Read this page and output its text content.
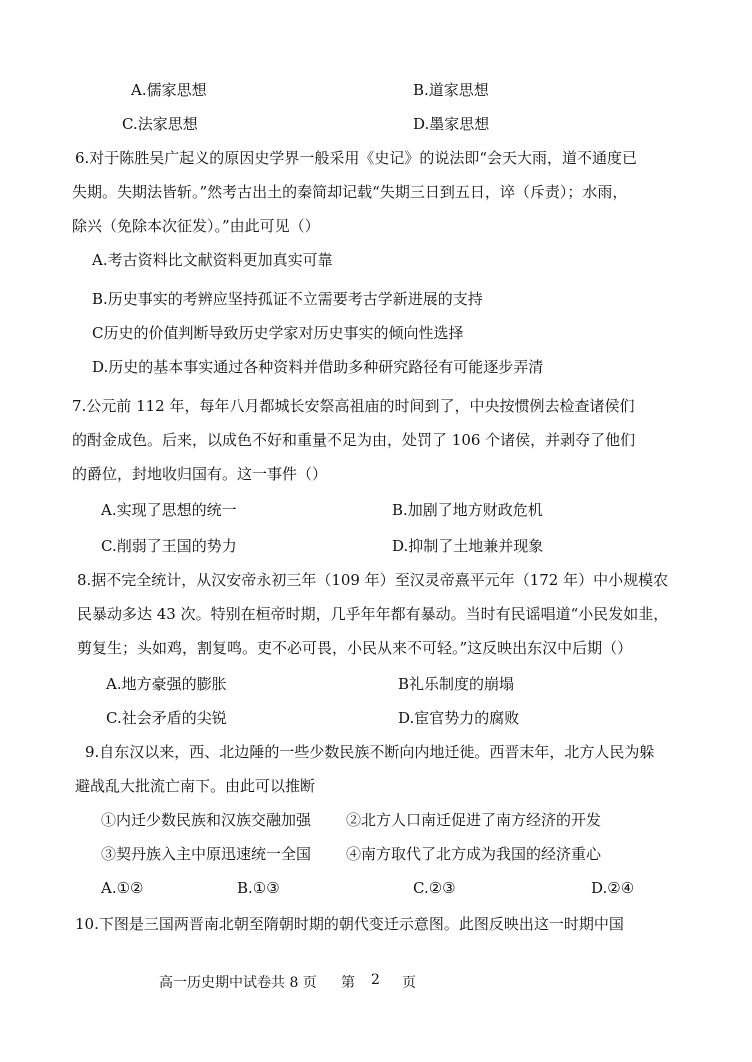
A.儒家思想	B.道家思想
C.法家思想	D.墨家思想
6.对于陈胜吴广起义的原因史学界一般采用《史记》的说法即“会天大雨，道不通度已
失期。失期法皆斩。”然考古出土的秦简却记载“失期三日到五日，谇（斥责）；水雨，
除兴（免除本次征发）。”由此可见（）
A.考古资料比文献资料更加真实可靠
B.历史事实的考辨应坚持孤证不立需要考古学新进展的支持
C历史的价值判断导致历史学家对历史事实的倾向性选择
D.历史的基本事实通过各种资料并借助多种研究路径有可能逐步弄清
7.公元前 112 年，每年八月都城长安祭高祖庙的时间到了，中央按惯例去检查诸侯们
的酎金成色。后来，以成色不好和重量不足为由，处罚了 106 个诸侯，并剥夺了他们
的爵位，封地收归国有。这一事件（）
A.实现了思想的统一	B.加剧了地方财政危机
C.削弱了王国的势力	D.抑制了土地兼并现象
8.据不完全统计，从汉安帝永初三年（109 年）至汉灵帝熹平元年（172 年）中小规模农
民暴动多达 43 次。特别在桓帝时期，几乎年年都有暴动。当时有民谣唱道“小民发如韭，
剪复生；头如鸡，割复鸣。吏不必可畏，小民从来不可轻。”这反映出东汉中后期（）
A.地方豪强的膨胀	B礼乐制度的崩塌
C.社会矛盾的尖锐	D.宦官势力的腐败
9.自东汉以来，西、北边陲的一些少数民族不断向内地迁徙。西晋末年，北方人民为躲
避战乱大批流亡南下。由此可以推断
①内迁少数民族和汉族交融加强 ②北方人口南迁促进了南方经济的开发
③契丹族入主中原迅速统一全国 ④南方取代了北方成为我国的经济重心
A.①②	B.①③	C.②③	D.②④
10.下图是三国两晋南北朝至隋朝时期的朝代变迁示意图。此图反映出这一时期中国
高一历史期中试卷共 8 页 第 2 页
